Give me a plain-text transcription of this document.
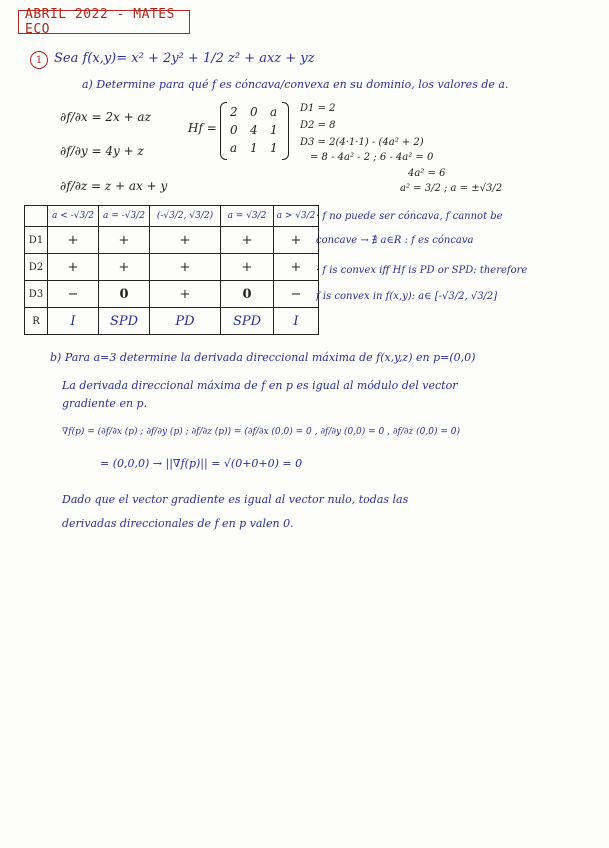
ABRIL 2022 - MATES ECO
1 Sea f(x,y)= x² + 2y² + 1/2 z² + axz + yz
a) Determine para qué f es cóncava/convexa en su dominio, los valores de a.
∂f/∂x = 2x + az
∂f/∂y = 4y + z
∂f/∂z = z + ax + y
Hf =
2 0 a
0 4 1
a 1 1
D1 = 2
D2 = 8
D3 = 2(4·1·1) - (4a² + 2)
= 8 - 4a² - 2 ; 6 - 4a² = 0
4a² = 6
a² = 3/2 ; a = ±√3/2
	a < -√3/2	a = -√3/2	(-√3/2, √3/2)	a = √3/2	a > √3/2
D1	+	+	+	+	+
D2	+	+	+	+	+
D3	−	0	+	0	−
R	I	SPD	PD	SPD	I
· f no puede ser cóncava, f cannot be
concave → ∄ a∈R : f es cóncava
· f is convex iff Hf is PD or SPD: therefore
f is convex in f(x,y): a∈ [-√3/2, √3/2]
b) Para a=3 determine la derivada direccional máxima de f(x,y,z) en p=(0,0)
La derivada direccional máxima de f en p es igual al módulo del vector
gradiente en p.
∇f(p) = (∂f/∂x (p) ; ∂f/∂y (p) ; ∂f/∂z (p)) = (∂f/∂x (0,0) = 0 , ∂f/∂y (0,0) = 0 , ∂f/∂z (0,0) = 0)
= (0,0,0) → ||∇f(p)|| = √(0+0+0) = 0
Dado que el vector gradiente es igual al vector nulo, todas las
derivadas direccionales de f en p valen 0.
